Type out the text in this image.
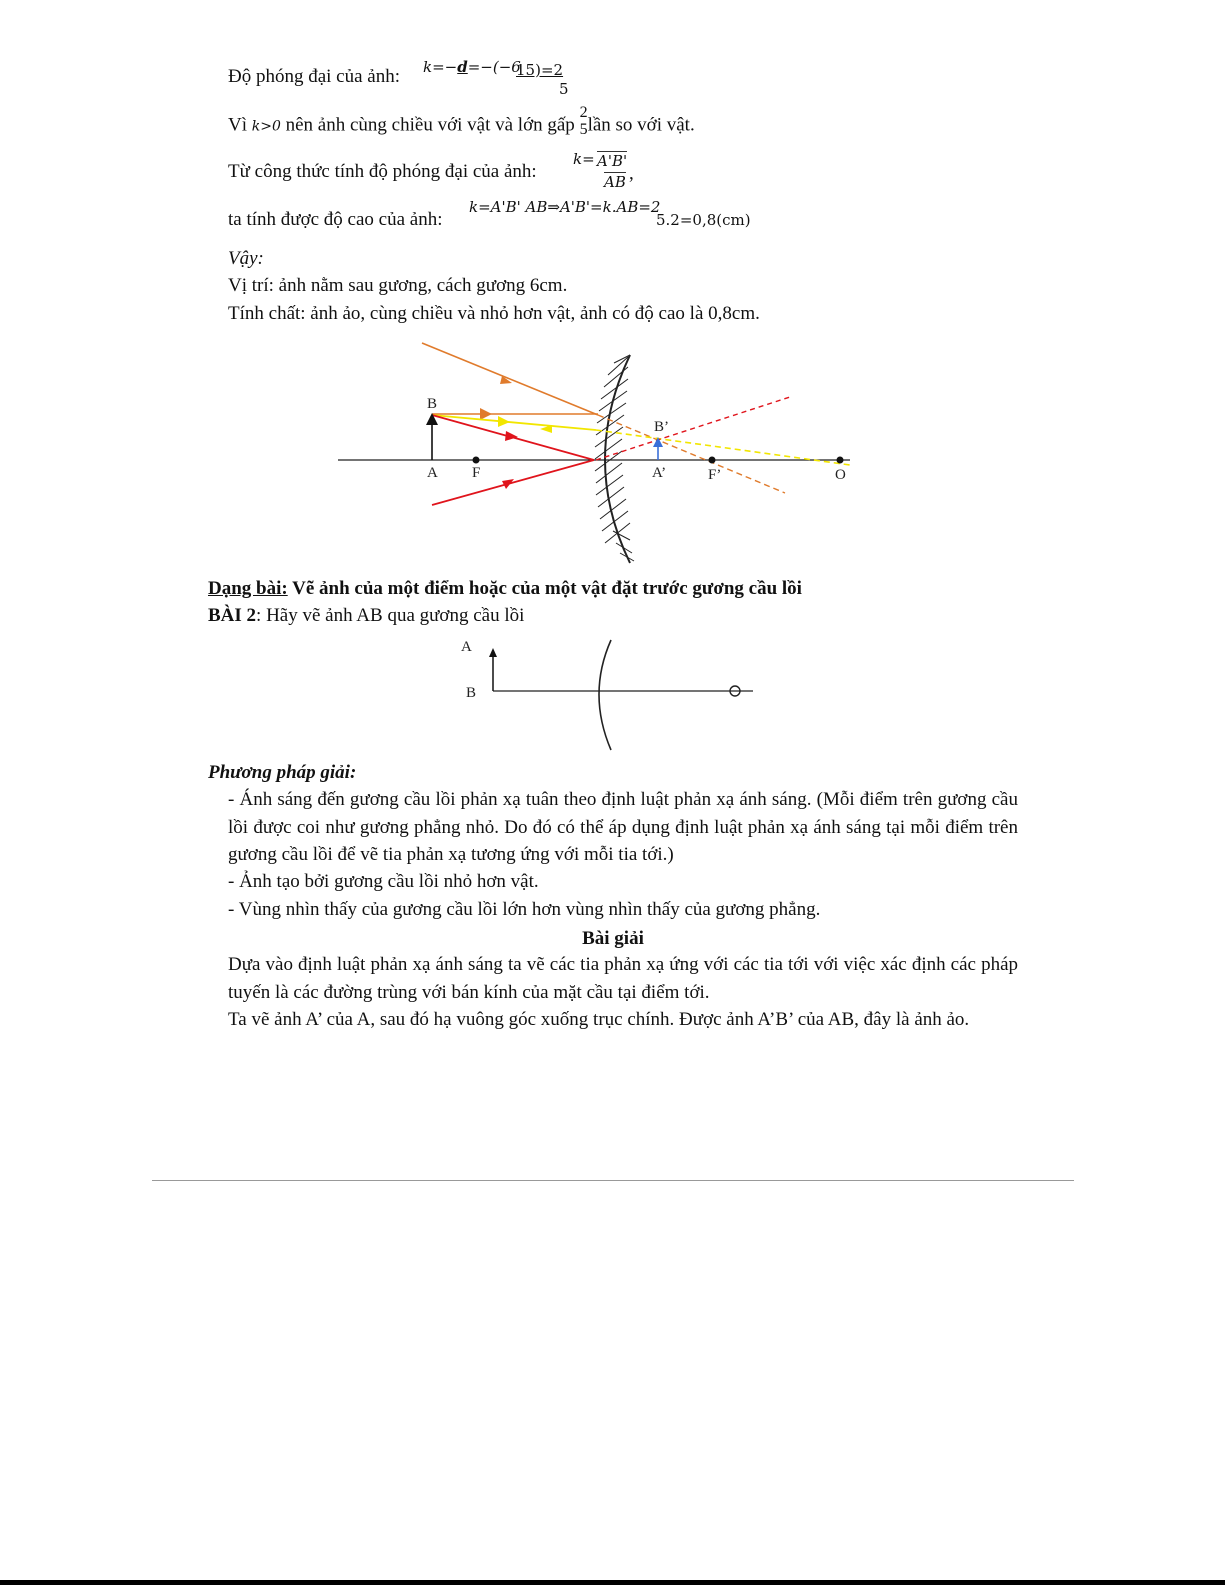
Độ phóng đại của ảnh: k=−d=−(−6
15)=2
5
Vì k>0 nên ảnh cùng chiều với vật và lớn gấp
2
5 lần so với vật.
Từ công thức tính độ phóng đại của ảnh:
k= A'B'
AB ,
ta tính được độ cao của ảnh:
k=A'B' AB⇒A'B'=k.AB=2
5.2=0,8(cm)
Vậy:
Vị trí: ảnh nằm sau gương, cách gương 6cm.
Tính chất: ảnh ảo, cùng chiều và nhỏ hơn vật, ảnh có độ cao là 0,8cm.
B
A F
B’
A’	F’	O
Dạng bài: Vẽ ảnh của một điểm hoặc của một vật đặt trước gương cầu lồi
BÀI 2: Hãy vẽ ảnh AB qua gương cầu lồi
A
B
Phương pháp giải:
- Ánh sáng đến gương cầu lồi phản xạ tuân theo định luật phản xạ ánh sáng. (Mỗi điểm trên gương cầu lồi được coi như gương phẳng nhỏ. Do đó có thể áp dụng định luật phản xạ ánh sáng tại mỗi điểm trên gương cầu lồi để vẽ tia phản xạ tương ứng với mỗi tia tới.)
- Ảnh tạo bởi gương cầu lồi nhỏ hơn vật.
- Vùng nhìn thấy của gương cầu lồi lớn hơn vùng nhìn thấy của gương phẳng.
Bài giải
Dựa vào định luật phản xạ ánh sáng ta vẽ các tia phản xạ ứng với các tia tới với việc xác định các pháp tuyến là các đường trùng với bán kính của mặt cầu tại điểm tới.
Ta vẽ ảnh A’ của A, sau đó hạ vuông góc xuống trục chính. Được ảnh A’B’ của AB, đây là ảnh ảo.
